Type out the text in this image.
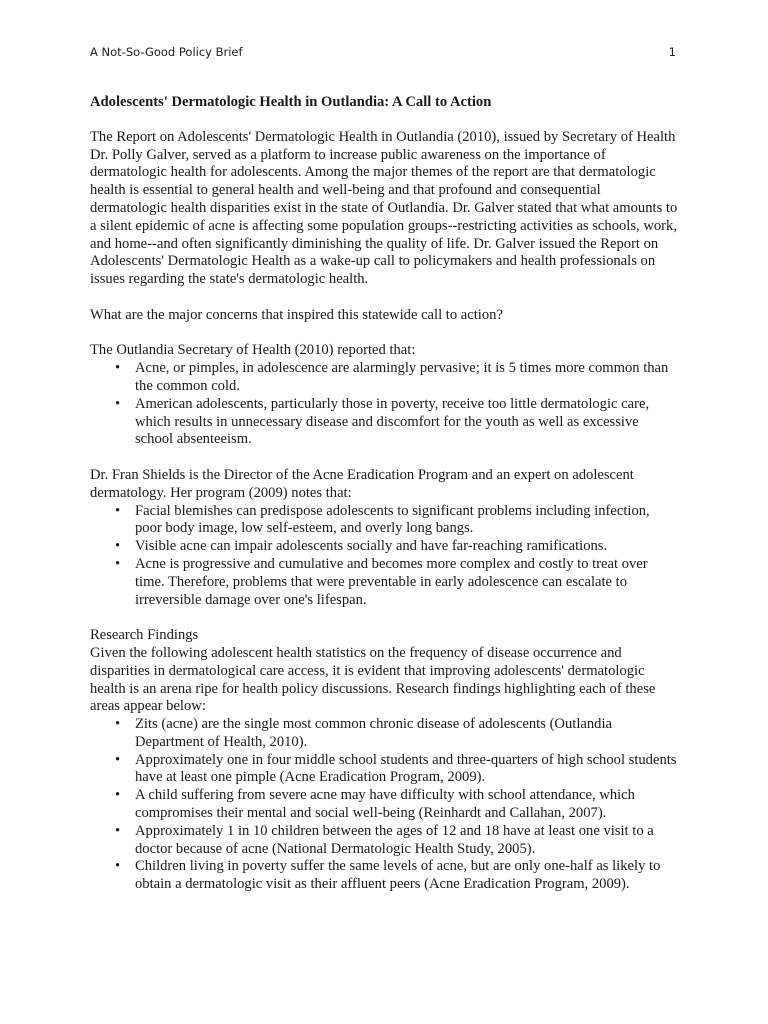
A Not-So-Good Policy Brief	1
Adolescents' Dermatologic Health in Outlandia: A Call to Action

The Report on Adolescents' Dermatologic Health in Outlandia (2010), issued by Secretary of Health Dr. Polly Galver, served as a platform to increase public awareness on the importance of dermatologic health for adolescents. Among the major themes of the report are that dermatologic health is essential to general health and well-being and that profound and consequential dermatologic health disparities exist in the state of Outlandia. Dr. Galver stated that what amounts to a silent epidemic of acne is affecting some population groups--restricting activities as schools, work, and home--and often significantly diminishing the quality of life. Dr. Galver issued the Report on Adolescents' Dermatologic Health as a wake-up call to policymakers and health professionals on issues regarding the state's dermatologic health.

What are the major concerns that inspired this statewide call to action?

The Outlandia Secretary of Health (2010) reported that:

• Acne, or pimples, in adolescence are alarmingly pervasive; it is 5 times more common than the common cold.
• American adolescents, particularly those in poverty, receive too little dermatologic care, which results in unnecessary disease and discomfort for the youth as well as excessive school absenteeism.

Dr. Fran Shields is the Director of the Acne Eradication Program and an expert on adolescent dermatology. Her program (2009) notes that:

• Facial blemishes can predispose adolescents to significant problems including infection, poor body image, low self-esteem, and overly long bangs.
• Visible acne can impair adolescents socially and have far-reaching ramifications.
• Acne is progressive and cumulative and becomes more complex and costly to treat over time. Therefore, problems that were preventable in early adolescence can escalate to irreversible damage over one's lifespan.

Research Findings

Given the following adolescent health statistics on the frequency of disease occurrence and disparities in dermatological care access, it is evident that improving adolescents' dermatologic health is an arena ripe for health policy discussions. Research findings highlighting each of these areas appear below:

• Zits (acne) are the single most common chronic disease of adolescents (Outlandia Department of Health, 2010).
• Approximately one in four middle school students and three-quarters of high school students have at least one pimple (Acne Eradication Program, 2009).
• A child suffering from severe acne may have difficulty with school attendance, which compromises their mental and social well-being (Reinhardt and Callahan, 2007).
• Approximately 1 in 10 children between the ages of 12 and 18 have at least one visit to a doctor because of acne (National Dermatologic Health Study, 2005).
• Children living in poverty suffer the same levels of acne, but are only one-half as likely to obtain a dermatologic visit as their affluent peers (Acne Eradication Program, 2009).
